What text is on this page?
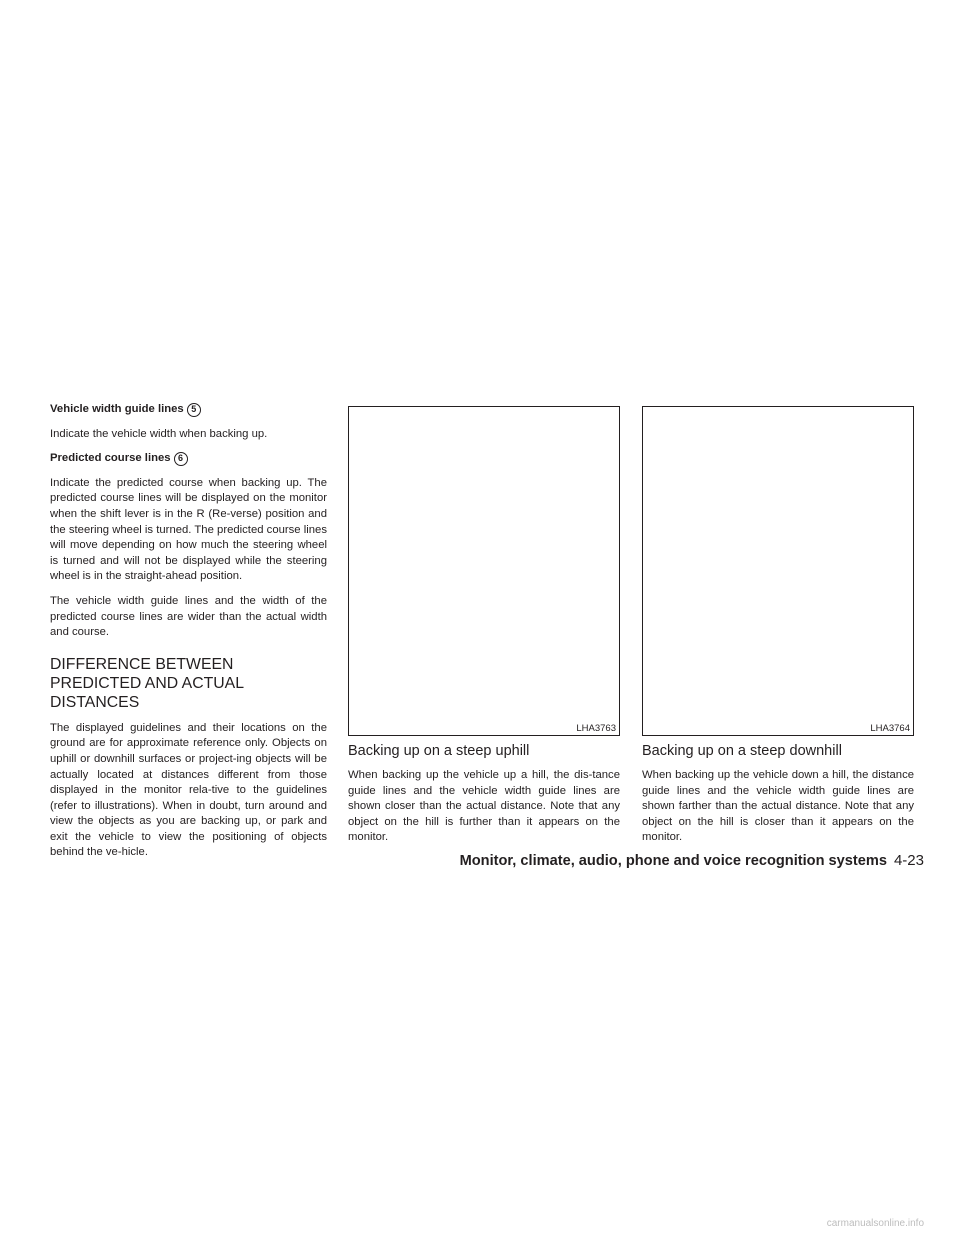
Vehicle width guide lines 5

Indicate the vehicle width when backing up.

Predicted course lines 6

Indicate the predicted course when backing up. The predicted course lines will be displayed on the monitor when the shift lever is in the R (Re-verse) position and the steering wheel is turned. The predicted course lines will move depending on how much the steering wheel is turned and will not be displayed while the steering wheel is in the straight-ahead position.

The vehicle width guide lines and the width of the predicted course lines are wider than the actual width and course.

DIFFERENCE BETWEEN PREDICTED AND ACTUAL DISTANCES

The displayed guidelines and their locations on the ground are for approximate reference only. Objects on uphill or downhill surfaces or project-ing objects will be actually located at distances different from those displayed in the monitor rela-tive to the guidelines (refer to illustrations). When in doubt, turn around and view the objects as you are backing up, or park and exit the vehicle to view the positioning of objects behind the ve-hicle.

LHA3763	LHA3764
Backing up on a steep uphill

When backing up the vehicle up a hill, the dis-tance guide lines and the vehicle width guide lines are shown closer than the actual distance. Note that any object on the hill is further than it appears on the monitor.

Backing up on a steep downhill

When backing up the vehicle down a hill, the distance guide lines and the vehicle width guide lines are shown farther than the actual distance. Note that any object on the hill is closer than it appears on the monitor.

Monitor, climate, audio, phone and voice recognition systems 4-23
carmanualsonline.info
